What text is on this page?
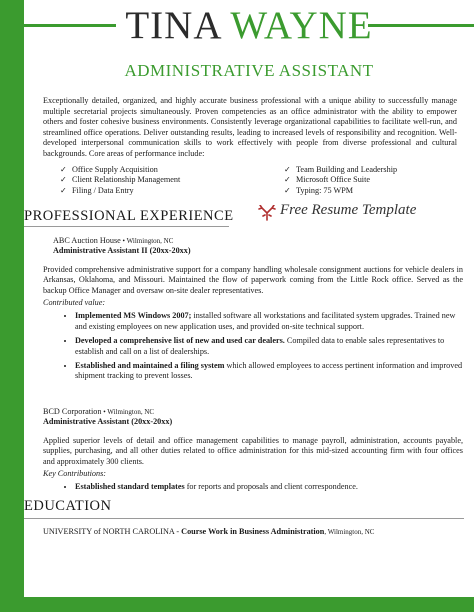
TINA WAYNE
ADMINISTRATIVE ASSISTANT
Exceptionally detailed, organized, and highly accurate business professional with a unique ability to successfully manage multiple secretarial projects simultaneously. Proven competencies as an office administrator with the ability to empower others and foster cohesive business environments. Consistently leverage organizational capabilities to facilitate well-run, and streamlined office operations. Deliver outstanding results, leading to increased levels of responsibility and recognition. Well-developed interpersonal communication skills to work effectively with people from diverse professional and cultural backgrounds. Core areas of performance include:
✓ Office Supply Acquisition
✓ Client Relationship Management
✓ Filing / Data Entry
✓ Team Building and Leadership
✓ Microsoft Office Suite
✓ Typing: 75 WPM
PROFESSIONAL EXPERIENCE	Free Resume Template
ABC Auction House • Wilmington, NC
Administrative Assistant II (20xx-20xx)
Provided comprehensive administrative support for a company handling wholesale consignment auctions for vehicle dealers in Arkansas, Oklahoma, and Missouri. Maintained the flow of paperwork coming from the Little Rock office. Served as the backup Office Manager and oversaw on-site dealer representatives.
Contributed value:
• Implemented MS Windows 2007; installed software all workstations and facilitated system upgrades. Trained new and existing employees on new application uses, and provided on-site technical support.
• Developed a comprehensive list of new and used car dealers. Compiled data to enable sales representatives to establish and call on a list of dealerships.
• Established and maintained a filing system which allowed employees to access pertinent information and improved shipment tracking to prevent losses.
BCD Corporation • Wilmington, NC
Administrative Assistant (20xx-20xx)
Applied superior levels of detail and office management capabilities to manage payroll, administration, accounts payable, supplies, purchasing, and all other duties related to office administration for this mid-sized accounting firm with four offices and approximately 300 clients.
Key Contributions:
• Established standard templates for reports and proposals and client correspondence.
EDUCATION
UNIVERSITY of NORTH CAROLINA - Course Work in Business Administration, Wilmington, NC
